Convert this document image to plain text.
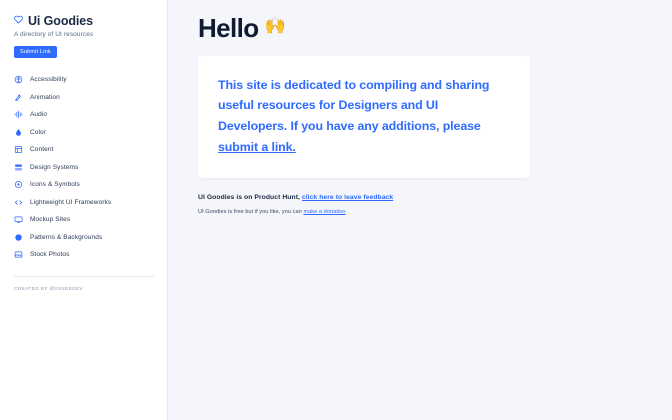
Ui Goodies
A directory of UI resources
Submit Link
Accessibility
Animation
Audio
Color
Content
Design Systems
Icons & Symbols
Lightweight UI Frameworks
Mockup Sites
Patterns & Backgrounds
Stock Photos
CREATED BY @IISSEEDEV
Hello 🙌

This site is dedicated to compiling and sharing useful resources for Designers and UI Developers. If you have any additions, please submit a link.

UI Goodies is on Product Hunt, click here to leave feedback

UI Goodies is free but if you like, you can make a donation
